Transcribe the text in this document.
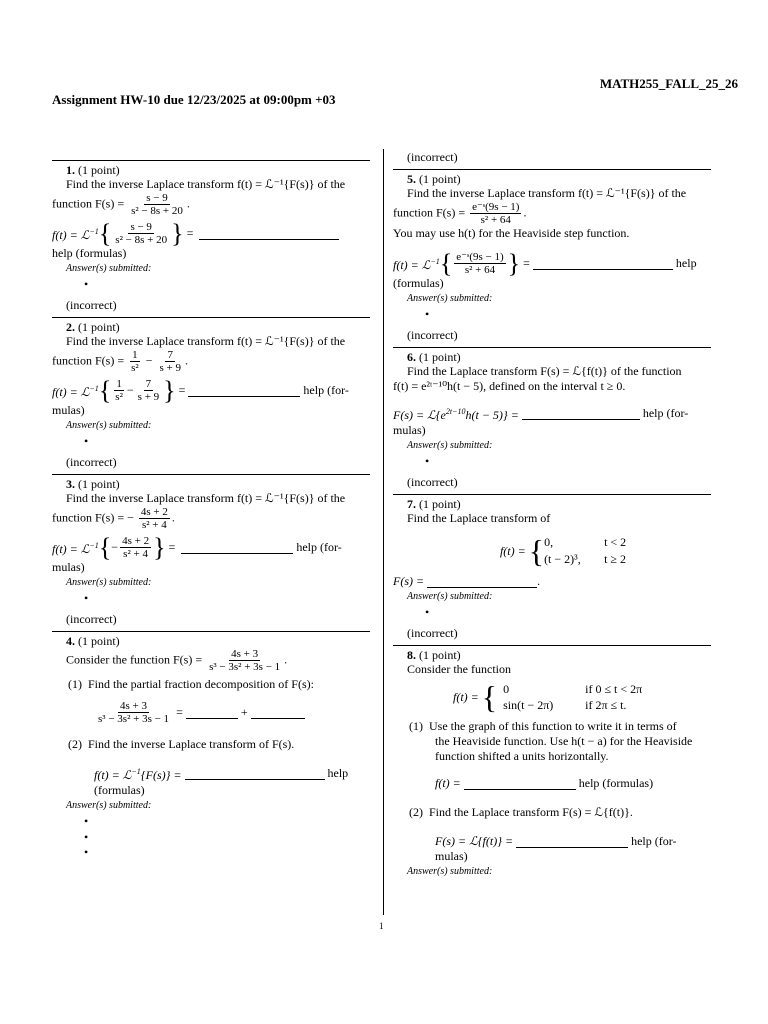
MATH255_FALL_25_26
Assignment HW-10 due 12/23/2025 at 09:00pm +03
1
1. (1 point)
Find the inverse Laplace transform f(t) = ℒ⁻¹{F(s)} of the
function $F(s) = \frac{s - 9}{\text{s² − 8s + 20}}$ .
f(t) = ℒ$^{-1}$ { $\frac{s - 9}{\text{s² − 8s + 20}}$ } =
help (formulas)
Answer(s) submitted:
•
(incorrect)
2. (1 point)
Find the inverse Laplace transform f(t) = ℒ⁻¹{F(s)} of the
function $F(s) = \frac{1}{\text{s²}} - \frac{7}{s + 9}$ .
f(t) = ℒ$^{-1}$ { $\frac{1}{\text{s²}} - \frac{7}{s + 9}$ } =
	help (for-
mulas)
Answer(s) submitted:
•
(incorrect)
3. (1 point)
Find the inverse Laplace transform f(t) = ℒ⁻¹{F(s)} of the
function F(s) = − $\frac{4s + 2}{\text{s² + 4}}$ .
f(t) = ℒ$^{-1}$ { − $\frac{4s + 2}{\text{s² + 4}}$ } =
	help (for-
mulas)
Answer(s) submitted:
•
(incorrect)
4. (1 point)
Consider the function $F(s) = \frac{4s + 3}{\text{s³ − 3s² + 3s − 1}}$ .
(1) Find the partial fraction decomposition of F(s):
$\frac{4s + 3}{\text{s³ − 3s² + 3s − 1}}$ =	+
(2) Find the inverse Laplace transform of F(s).
f(t) = ℒ$^{-1}${F(s)} =
	help
(formulas)
Answer(s) submitted:
•
•
•
(incorrect)
5. (1 point)
Find the inverse Laplace transform f(t) = ℒ⁻¹{F(s)} of the
function $F(s) = \frac{\text{e⁻ˢ(9s − 1)}}{\text{s² + 64}}$ .
You may use h(t) for the Heaviside step function.
f(t) = ℒ$^{-1}$ { $\frac{\text{e⁻ˢ(9s − 1)}}{\text{s² + 64}}$ } =
	help
(formulas)
Answer(s) submitted:
•
(incorrect)
6. (1 point)
Find the Laplace transform F(s) = ℒ{f(t)} of the function
f(t) = e²ᵗ⁻¹⁰h(t − 5), defined on the interval t ≥ 0.
$F(s) = ℒ\{e^{2t-10}h(t - 5)\}$ =
	help (for-
mulas)
Answer(s) submitted:
•
(incorrect)
7. (1 point)
Find the Laplace transform of
f(t) = { 0,	t < 2
(t − 2)³,	t ≥ 2
F(s) =	.
Answer(s) submitted:
•
(incorrect)
8. (1 point)
Consider the function
f(t) = { 0	if 0 ≤ t < 2π
sin(t − 2π)	if 2π ≤ t.
(1) Use the graph of this function to write it in terms of
the Heaviside function. Use h(t − a) for the Heaviside
function shifted a units horizontally.
f(t) =
	help (formulas)
(2) Find the Laplace transform F(s) = ℒ{f(t)}.
F(s) = ℒ{f(t)} =
	help (for-
mulas)
Answer(s) submitted:
